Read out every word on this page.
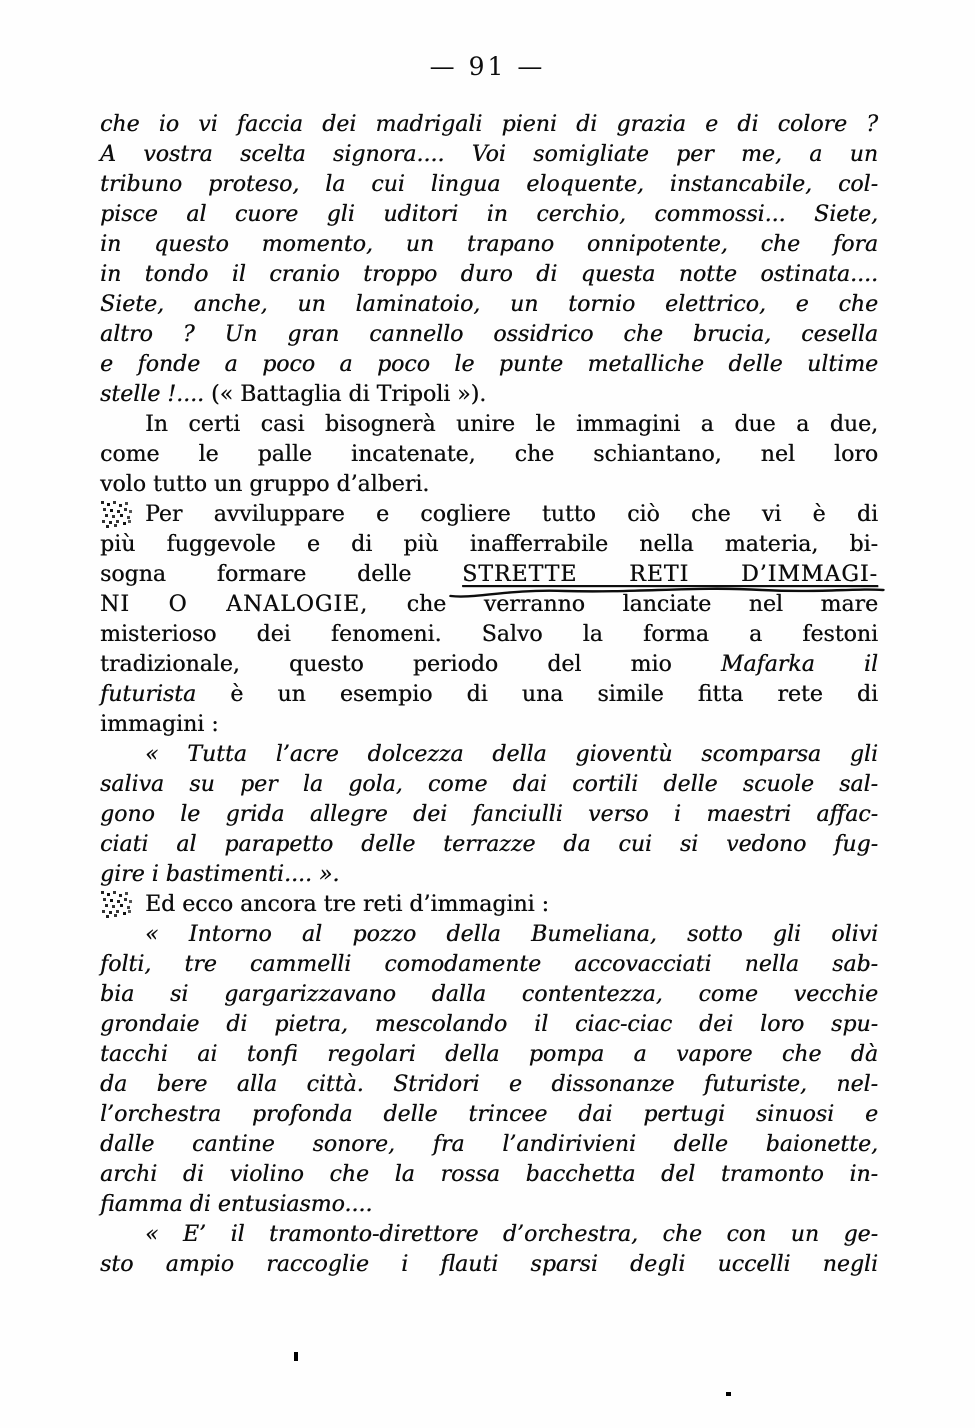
— 91 —
che io vi faccia dei madrigali pieni di grazia e di colore ?
A vostra scelta signora.... Voi somigliate per me, a un
tribuno proteso, la cui lingua eloquente, instancabile, col-
pisce al cuore gli uditori in cerchio, commossi... Siete,
in questo momento, un trapano onnipotente, che fora
in tondo il cranio troppo duro di questa notte ostinata....
Siete, anche, un laminatoio, un tornio elettrico, e che
altro ? Un gran cannello ossidrico che brucia, cesella
e fonde a poco a poco le punte metalliche delle ultime
stelle !.... (« Battaglia di Tripoli »).
In certi casi bisognerà unire le immagini a due a due,
come le palle incatenate, che schiantano, nel loro
volo tutto un gruppo d’alberi.
Per avviluppare e cogliere tutto ciò che vi è di
più fuggevole e di più inafferrabile nella materia, bi-
sogna formare delle STRETTE RETI D’IMMAGI-
NI O ANALOGIE, che verranno lanciate nel mare
misterioso dei fenomeni. Salvo la forma a festoni
tradizionale, questo periodo del mio Mafarka il
futurista è un esempio di una simile fitta rete di
immagini :
« Tutta l’acre dolcezza della gioventù scomparsa gli
saliva su per la gola, come dai cortili delle scuole sal-
gono le grida allegre dei fanciulli verso i maestri affac-
ciati al parapetto delle terrazze da cui si vedono fug-
gire i bastimenti.... ».
Ed ecco ancora tre reti d’immagini :
« Intorno al pozzo della Bumeliana, sotto gli olivi
folti, tre cammelli comodamente accovacciati nella sab-
bia si gargarizzavano dalla contentezza, come vecchie
grondaie di pietra, mescolando il ciac-ciac dei loro spu-
tacchi ai tonfi regolari della pompa a vapore che dà
da bere alla città. Stridori e dissonanze futuriste, nel-
l’orchestra profonda delle trincee dai pertugi sinuosi e
dalle cantine sonore, fra l’andirivieni delle baionette,
archi di violino che la rossa bacchetta del tramonto in-
fiamma di entusiasmo....
« E’ il tramonto-direttore d’orchestra, che con un ge-
sto ampio raccoglie i flauti sparsi degli uccelli negli
